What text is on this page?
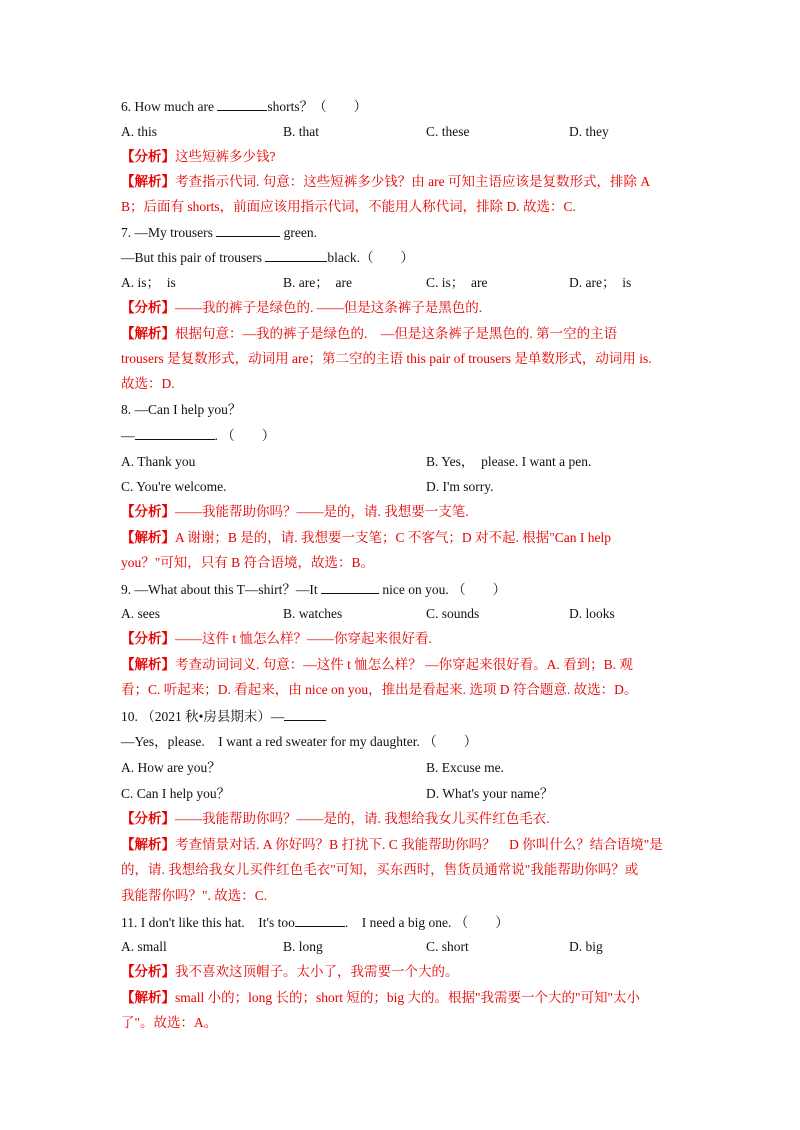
6. How much are	shorts？（　　）
A. this	B. that	C. these	D. they
【分析】这些短裤多少钱?
【解析】考查指示代词. 句意：这些短裤多少钱？由 are 可知主语应该是复数形式，排除 A
B；后面有 shorts，前面应该用指示代词，不能用人称代词，排除 D. 故选：C.
7. —My trousers	green.
—But this pair of trousers	black.（　　）
A. is；　is	B. are；　are	C. is；　are	D. are；　is
【分析】——我的裤子是绿色的. ——但是这条裤子是黑色的.
【解析】根据句意：—我的裤子是绿色的.　—但是这条裤子是黑色的. 第一空的主语
trousers 是复数形式，动词用 are；第二空的主语 this pair of trousers 是单数形式，动词用 is.
故选：D.
8. —Can I help you？
—	. （　　）
A. Thank you	B. Yes，　please. I want a pen.
C. You're welcome.	D. I'm sorry.
【分析】——我能帮助你吗？——是的，请. 我想要一支笔.
【解析】A 谢谢；B 是的，请. 我想要一支笔；C 不客气；D 对不起. 根据"Can I help
you？"可知，只有 B 符合语境，故选：B。
9. —What about this T—shirt？—It	nice on you. （　　）
A. sees	B. watches	C. sounds	D. looks
【分析】——这件 t 恤怎么样？——你穿起来很好看.
【解析】考查动词词义. 句意：—这件 t 恤怎么样？ —你穿起来很好看。A. 看到；B. 观
看；C. 听起来；D. 看起来，由 nice on you，推出是看起来. 选项 D 符合题意. 故选：D。
10. （2021 秋•房县期末）—
—Yes，please.　I want a red sweater for my daughter. （　　）
A. How are you？	B. Excuse me.
C. Can I help you？	D. What's your name？
【分析】——我能帮助你吗？——是的，请. 我想给我女儿买件红色毛衣.
【解析】考查情景对话. A 你好吗？B 打扰下. C 我能帮助你吗？　D 你叫什么？结合语境"是
的，请. 我想给我女儿买件红色毛衣"可知，买东西时，售货员通常说"我能帮助你吗？或
我能帮你吗？". 故选：C.
11. I don't like this hat.　It's too	.　I need a big one. （　　）
A. small	B. long	C. short	D. big
【分析】我不喜欢这顶帽子。太小了，我需要一个大的。
【解析】small 小的；long 长的；short 短的；big 大的。根据"我需要一个大的"可知"太小
了"。故选：A。
